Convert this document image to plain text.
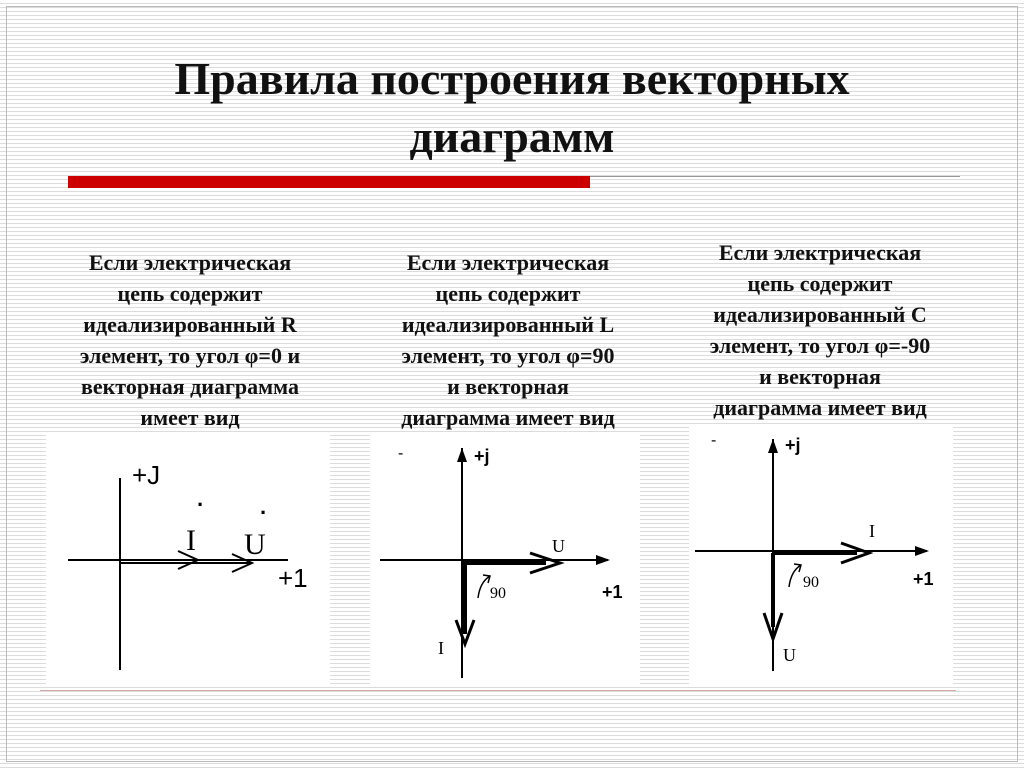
Правила построения векторных
диаграмм
Если электрическая
цепь содержит
идеализированный R
элемент, то угол φ=0 и
векторная диаграмма
имеет вид
Если электрическая
цепь содержит
идеализированный L
элемент, то угол φ=90
и векторная
диаграмма имеет вид
Если электрическая
цепь содержит
идеализированный C
элемент, то угол φ=-90
и векторная
диаграмма имеет вид
+J
+1
·
I
·
U
-	+j
+1
U
I
90
-	+j
+1
I
U
90
